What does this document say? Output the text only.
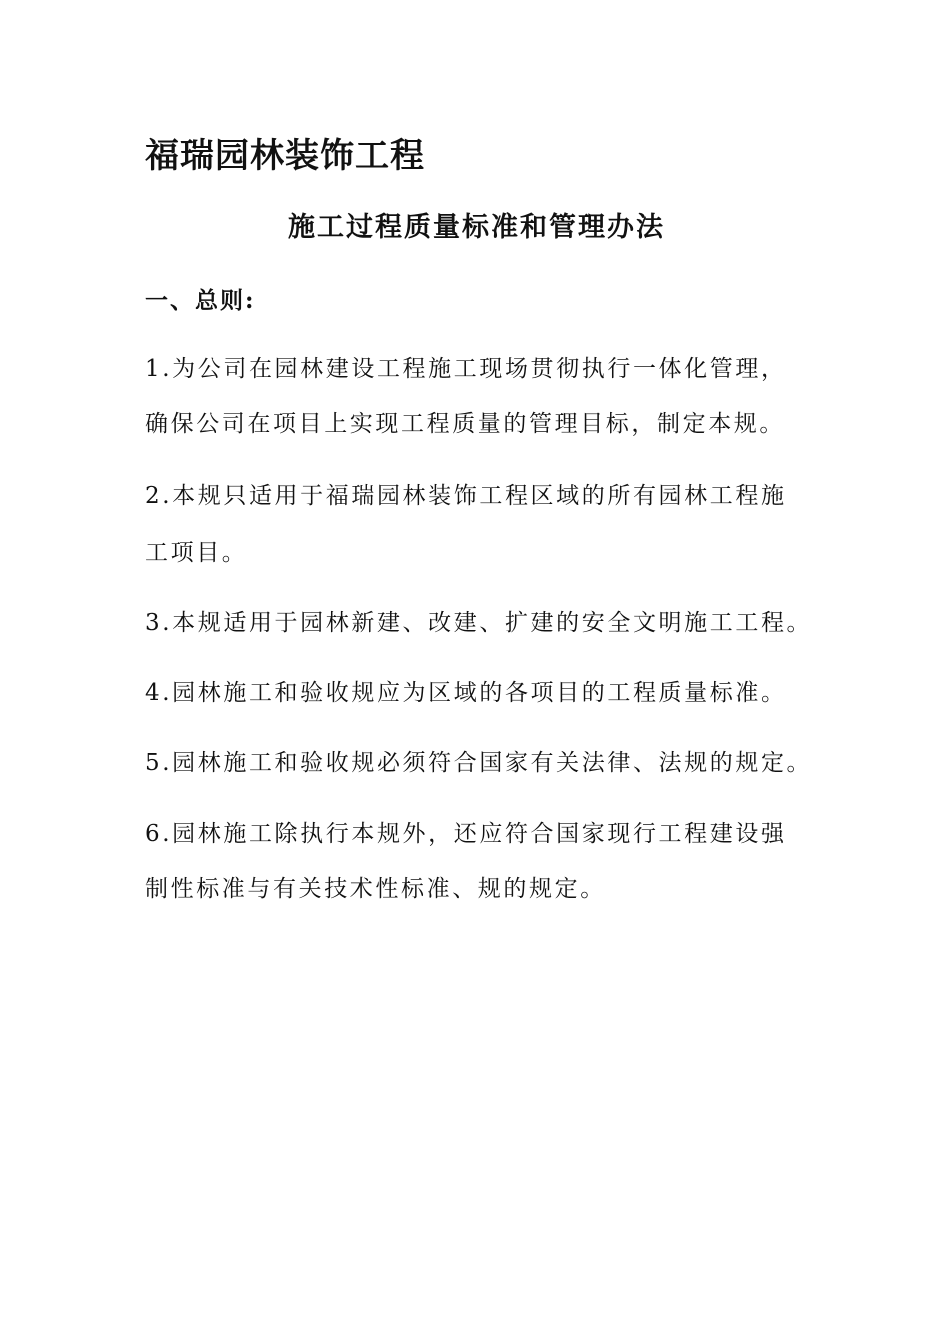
福瑞园林装饰工程
施工过程质量标准和管理办法
一、总则:
1.为公司在园林建设工程施工现场贯彻执行一体化管理，
确保公司在项目上实现工程质量的管理目标，制定本规。
2.本规只适用于福瑞园林装饰工程区域的所有园林工程施
工项目。
3.本规适用于园林新建、改建、扩建的安全文明施工工程。
4.园林施工和验收规应为区域的各项目的工程质量标准。
5.园林施工和验收规必须符合国家有关法律、法规的规定。
6.园林施工除执行本规外，还应符合国家现行工程建设强
制性标准与有关技术性标准、规的规定。
